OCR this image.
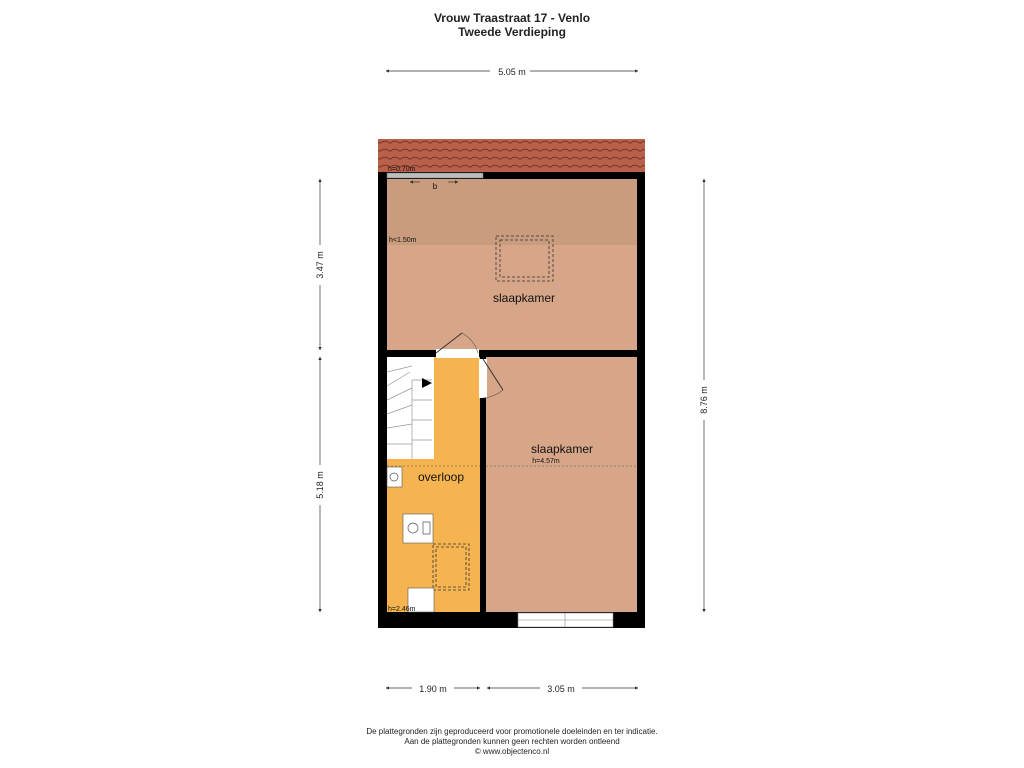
Vrouw Traastraat 17 - Venlo
Tweede Verdieping
slaapkamer
slaapkamer
h=4.57m
overloop
h=2.46m
h=0.70m
h<1.50m
b
5.05 m
3.47 m
5.18 m
8.76 m
1.90 m	3.05 m
De plattegronden zijn geproduceerd voor promotionele doeleinden en ter indicatie.
Aan de plattegronden kunnen geen rechten worden ontleend
© www.objectenco.nl
